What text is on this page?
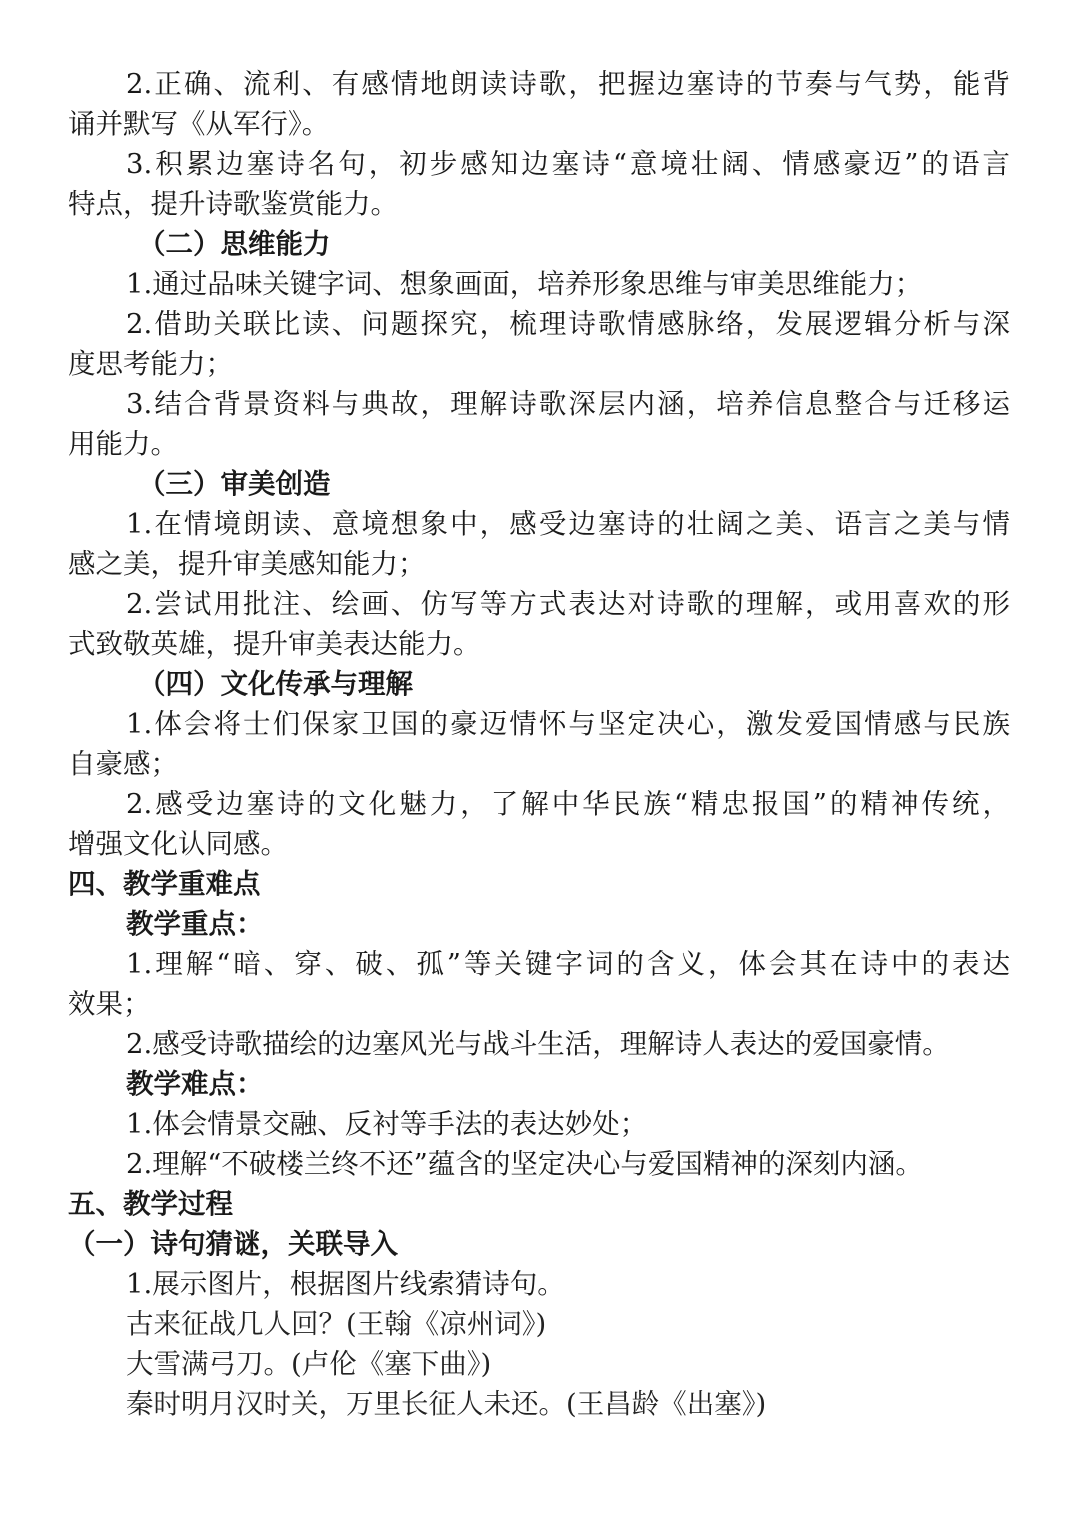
2.正确、流利、有感情地朗读诗歌，把握边塞诗的节奏与气势，能背
诵并默写《从军行》。
3.积累边塞诗名句，初步感知边塞诗“意境壮阔、情感豪迈”的语言
特点，提升诗歌鉴赏能力。
（二）思维能力
1.通过品味关键字词、想象画面，培养形象思维与审美思维能力；
2.借助关联比读、问题探究，梳理诗歌情感脉络，发展逻辑分析与深
度思考能力；
3.结合背景资料与典故，理解诗歌深层内涵，培养信息整合与迁移运
用能力。
（三）审美创造
1.在情境朗读、意境想象中，感受边塞诗的壮阔之美、语言之美与情
感之美，提升审美感知能力；
2.尝试用批注、绘画、仿写等方式表达对诗歌的理解，或用喜欢的形
式致敬英雄，提升审美表达能力。
（四）文化传承与理解
1.体会将士们保家卫国的豪迈情怀与坚定决心，激发爱国情感与民族
自豪感；
2.感受边塞诗的文化魅力，了解中华民族“精忠报国”的精神传统，
增强文化认同感。
四、教学重难点
教学重点：
1.理解“暗、穿、破、孤”等关键字词的含义，体会其在诗中的表达
效果；
2.感受诗歌描绘的边塞风光与战斗生活，理解诗人表达的爱国豪情。
教学难点：
1.体会情景交融、反衬等手法的表达妙处；
2.理解“不破楼兰终不还”蕴含的坚定决心与爱国精神的深刻内涵。
五、教学过程
（一）诗句猜谜，关联导入
1.展示图片，根据图片线索猜诗句。
古来征战几人回？(王翰《凉州词》)
大雪满弓刀。(卢伦《塞下曲》)
秦时明月汉时关，万里长征人未还。(王昌龄《出塞》)
